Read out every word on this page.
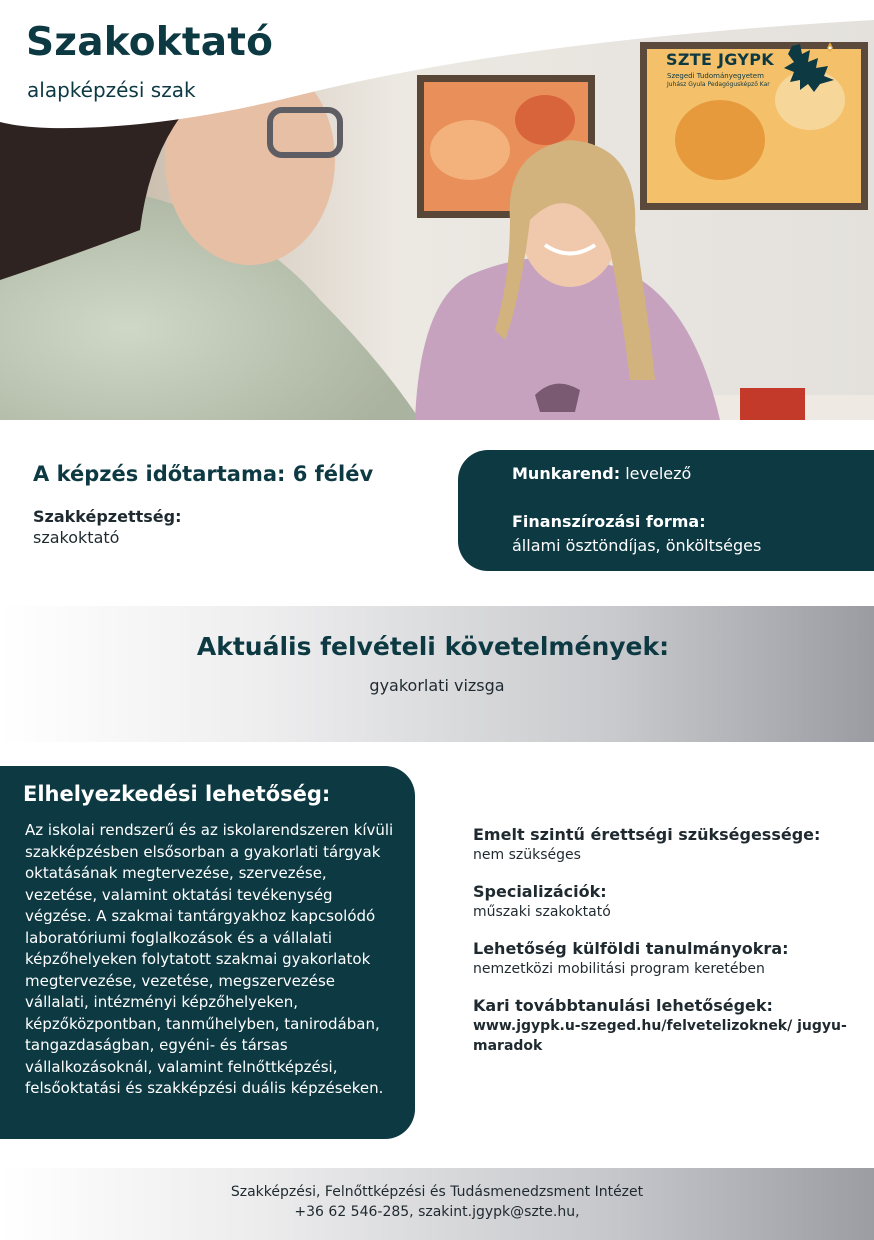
Szakoktató
alapképzési szak
SZTE JGYPK
Szegedi Tudományegyetem
Juhász Gyula Pedagógusképző Kar
A képzés időtartama: 6 félév
Szakképzettség:
szakoktató
Munkarend: levelező
Finanszírozási forma:
állami ösztöndíjas, önköltséges
Aktuális felvételi követelmények:
gyakorlati vizsga
Elhelyezkedési lehetőség:
Az iskolai rendszerű és az iskolarendszeren kívüli szakképzésben elsősorban a gyakorlati tárgyak oktatásának megtervezése, szervezése, vezetése, valamint oktatási tevékenység végzése. A szakmai tantárgyakhoz kapcsolódó laboratóriumi foglalkozások és a vállalati képzőhelyeken folytatott szakmai gyakorlatok megtervezése, vezetése, megszervezése vállalati, intézményi képzőhelyeken, képzőközpontban, tanműhelyben, tanirodában, tangazdaságban, egyéni- és társas vállalkozásoknál, valamint felnőttképzési, felsőoktatási és szakképzési duális képzéseken.
Emelt szintű érettségi szükségessége:
nem szükséges
Specializációk:
műszaki szakoktató
Lehetőség külföldi tanulmányokra:
nemzetközi mobilitási program keretében
Kari továbbtanulási lehetőségek:
www.jgypk.u-szeged.hu/felvetelizoknek/ jugyu-maradok
Szakképzési, Felnőttképzési és Tudásmenedzsment Intézet
+36 62 546-285, szakint.jgypk@szte.hu,
